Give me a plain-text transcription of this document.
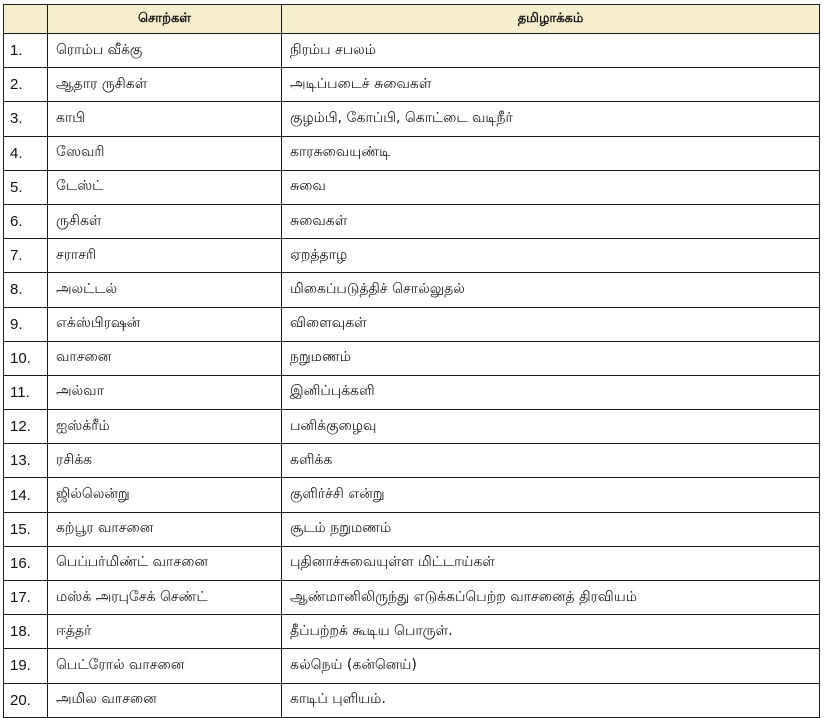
	சொற்கள்	தமிழாக்கம்
1.	ரொம்ப வீக்கு	நிரம்ப சபலம்
2.	ஆதார ருசிகள்	அடிப்படைச் சுவைகள்
3.	காபி	குழம்பி, கோப்பி, கொட்டை வடிநீர்
4.	ஸேவரி	காரசுவையுண்டி
5.	டேஸ்ட்	சுவை
6.	ருசிகள்	சுவைகள்
7.	சராசரி	ஏறத்தாழ
8.	அலட்டல்	மிகைப்படுத்திச் சொல்லுதல்
9.	எக்ஸ்பிரஷன்	விளைவுகள்
10.	வாசனை	நறுமணம்
11.	அல்வா	இனிப்புக்களி
12.	ஐஸ்க்ரீம்	பனிக்குழைவு
13.	ரசிக்க	களிக்க
14.	ஜில்லென்று	குளிர்ச்சி என்று
15.	கற்பூர வாசனை	சூடம் நறுமணம்
16.	பெப்பர்மிண்ட் வாசனை	புதினாச்சுவையுள்ள மிட்டாய்கள்
17.	மஸ்க் அரபுசேக் செண்ட்	ஆண்மானிலிருந்து எடுக்கப்பெற்ற வாசனைத் திரவியம்
18.	ஈத்தர்	தீப்பற்றக் கூடிய பொருள்.
19.	பெட்ரோல் வாசனை	கல்நெய் (கன்னெய்)
20.	அமில வாசனை	காடிப் புளியம்.
